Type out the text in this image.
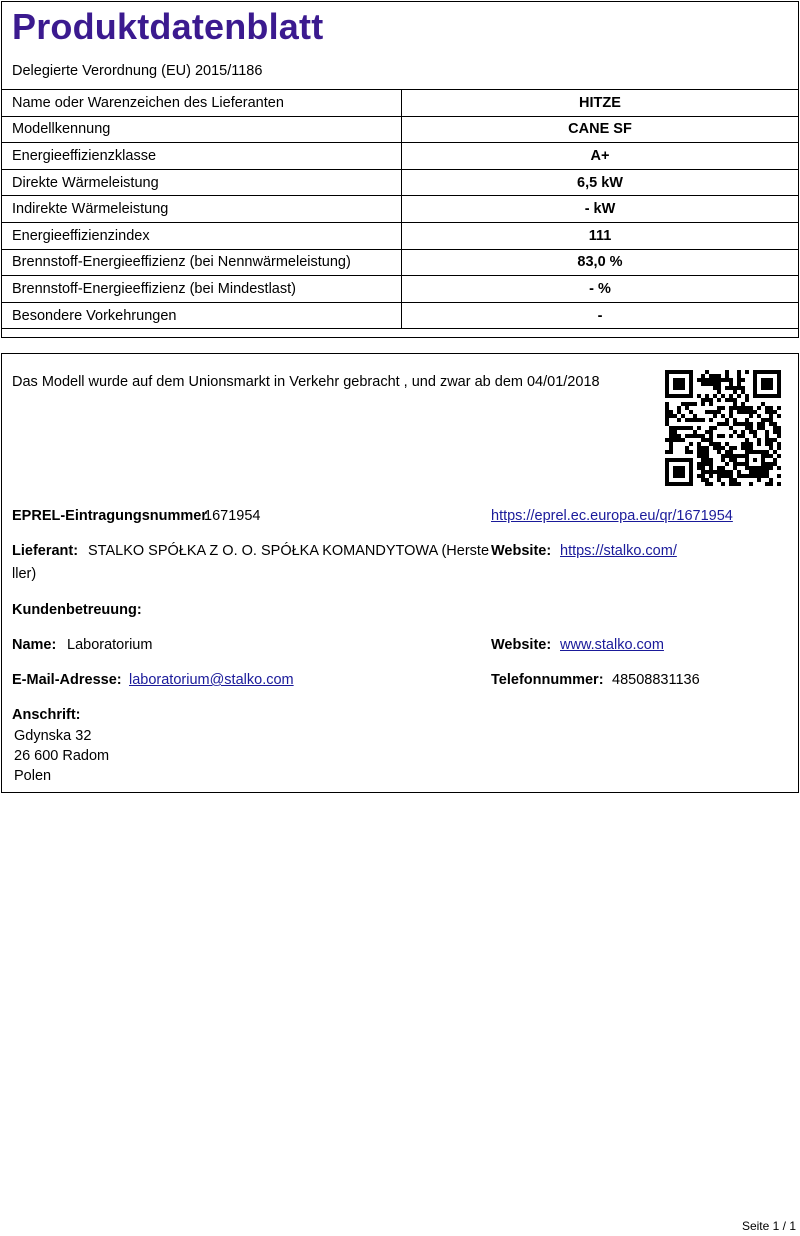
Produktdatenblatt
Delegierte Verordnung (EU) 2015/1186
Name oder Warenzeichen des Lieferanten	HITZE
Modellkennung	CANE SF
Energieeffizienzklasse	A+
Direkte Wärmeleistung	6,5 kW
Indirekte Wärmeleistung	- kW
Energieeffizienzindex	111
Brennstoff-Energieeffizienz (bei Nennwärmeleistung)	83,0 %
Brennstoff-Energieeffizienz (bei Mindestlast)	- %
Besondere Vorkehrungen	-
Das Modell wurde auf dem Unionsmarkt in Verkehr gebracht , und zwar ab dem 04/01/2018
EPREL-Eintragungsnummer
1671954	https://eprel.ec.europa.eu/qr/1671954
Lieferant: STALKO SPÓŁKA Z O. O. SPÓŁKA KOMANDYTOWA (Herste
ller)
Website: https://stalko.com/
Kundenbetreuung:
Name: Laboratorium	Website: www.stalko.com
E-Mail-Adresse: laboratorium@stalko.com	Telefonnummer: 48508831136
Anschrift:
Gdynska 32
26 600 Radom
Polen
Seite 1 / 1
